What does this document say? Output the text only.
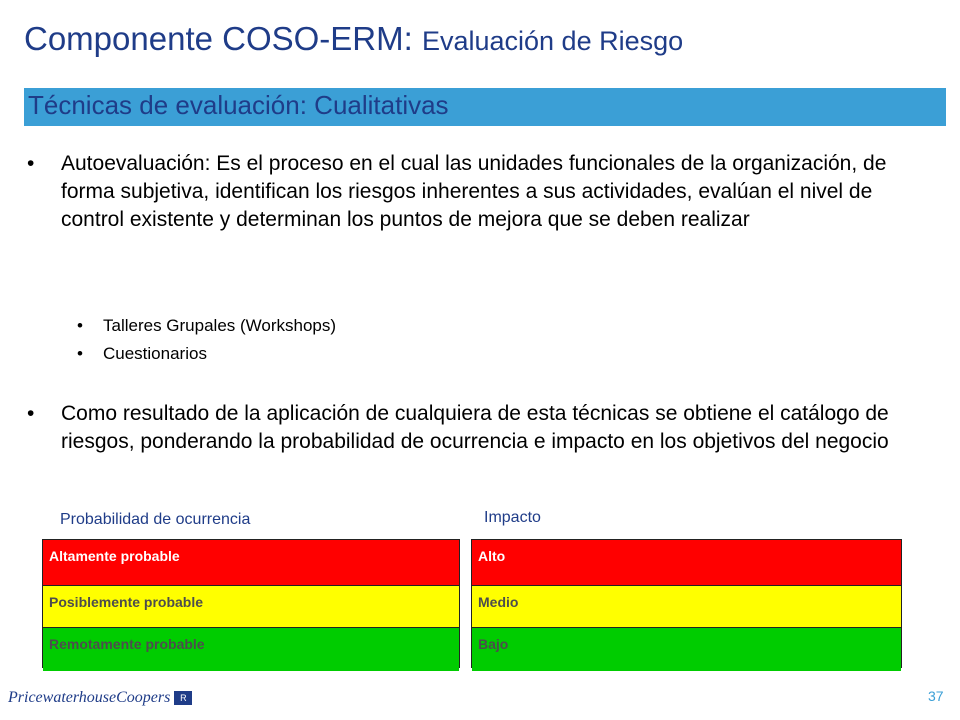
Componente COSO-ERM: Evaluación de Riesgo
Técnicas de evaluación: Cualitativas
• Autoevaluación: Es el proceso en el cual las unidades funcionales de la organización, de forma subjetiva, identifican los riesgos inherentes a sus actividades, evalúan el nivel de control existente y determinan los puntos de mejora que se deben realizar
• Talleres Grupales (Workshops)
• Cuestionarios
• Como resultado de la aplicación de cualquiera de esta técnicas se obtiene el catálogo de riesgos, ponderando la probabilidad de ocurrencia e impacto en los objetivos del negocio
Probabilidad de ocurrencia	Impacto
Altamente probable
Posiblemente probable
Remotamente probable
Alto
Medio
Bajo
PricewaterhouseCoopers R	37
